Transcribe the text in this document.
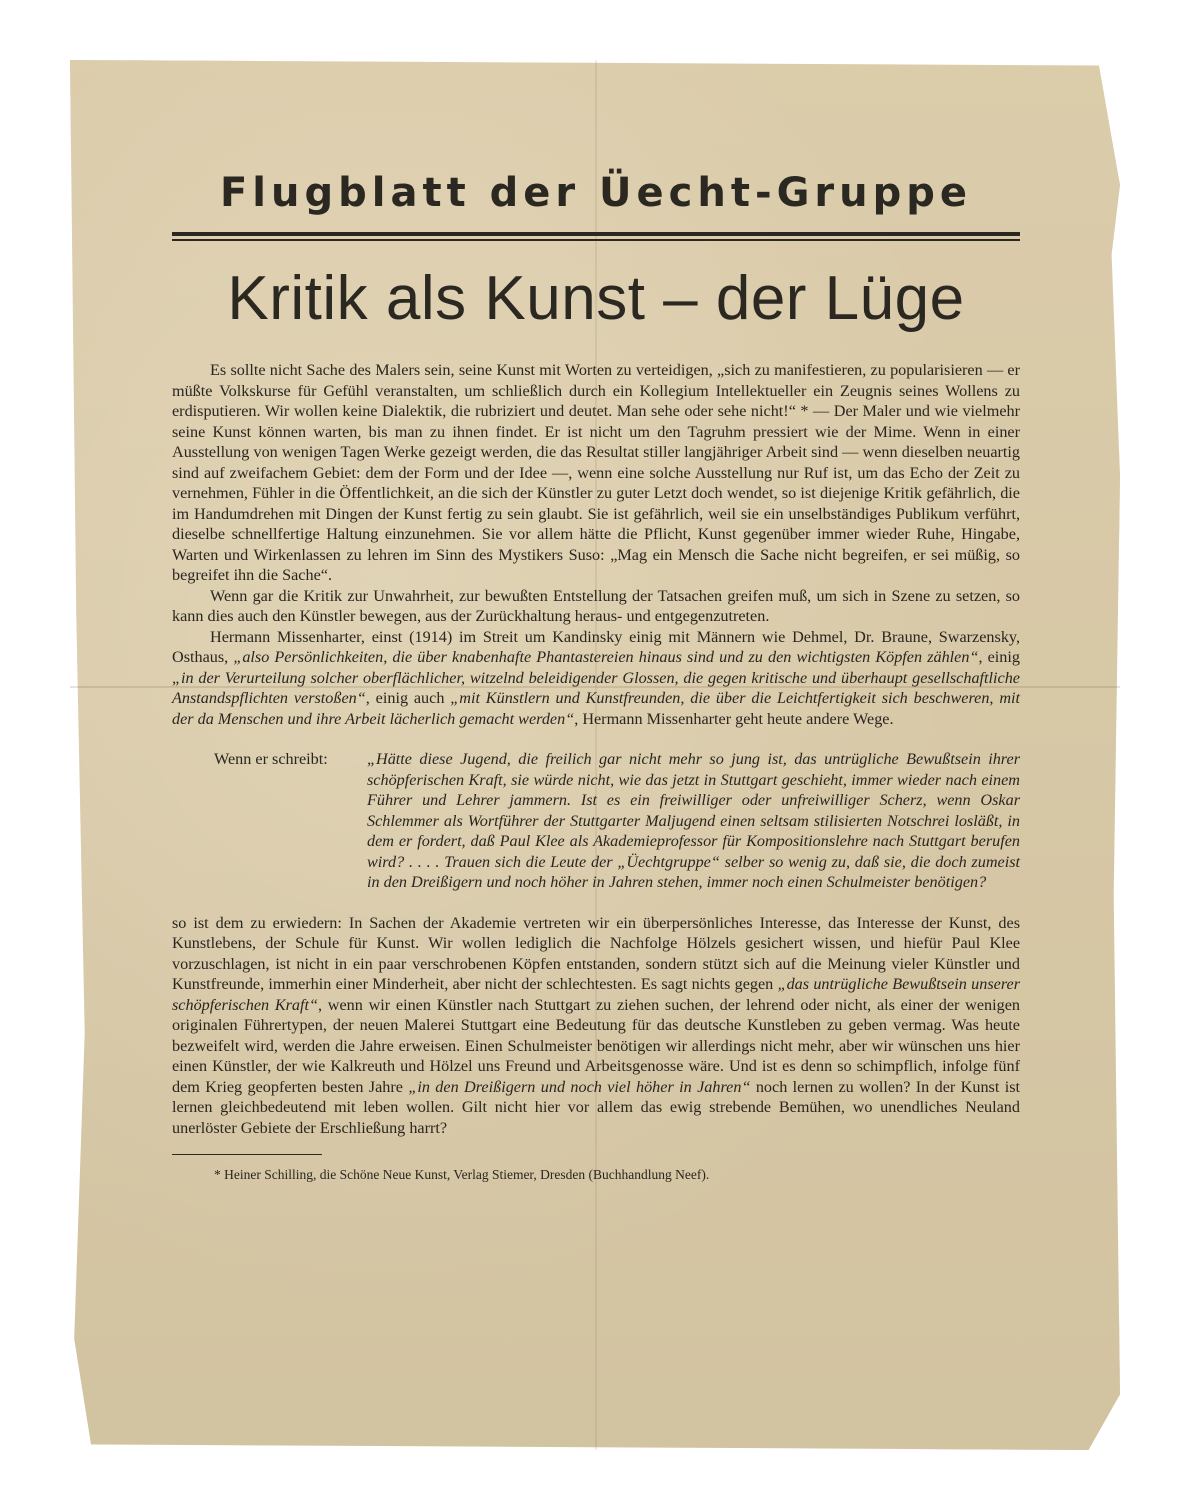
Flugblatt der Üecht-Gruppe
Kritik als Kunst – der Lüge

Es sollte nicht Sache des Malers sein, seine Kunst mit Worten zu verteidigen, „sich zu manifestieren, zu popularisieren — er müßte Volkskurse für Gefühl veranstalten, um schließlich durch ein Kollegium Intellektueller ein Zeugnis seines Wollens zu erdisputieren. Wir wollen keine Dialektik, die rubriziert und deutet. Man sehe oder sehe nicht!“ * — Der Maler und wie vielmehr seine Kunst können warten, bis man zu ihnen findet. Er ist nicht um den Tagruhm pressiert wie der Mime. Wenn in einer Ausstellung von wenigen Tagen Werke gezeigt werden, die das Resultat stiller langjähriger Arbeit sind — wenn dieselben neuartig sind auf zweifachem Gebiet: dem der Form und der Idee —, wenn eine solche Ausstellung nur Ruf ist, um das Echo der Zeit zu vernehmen, Fühler in die Öffentlichkeit, an die sich der Künstler zu guter Letzt doch wendet, so ist diejenige Kritik gefährlich, die im Handumdrehen mit Dingen der Kunst fertig zu sein glaubt. Sie ist gefährlich, weil sie ein unselbständiges Publikum verführt, dieselbe schnellfertige Haltung einzunehmen. Sie vor allem hätte die Pflicht, Kunst gegenüber immer wieder Ruhe, Hingabe, Warten und Wirkenlassen zu lehren im Sinn des Mystikers Suso: „Mag ein Mensch die Sache nicht begreifen, er sei müßig, so begreifet ihn die Sache“.

Wenn gar die Kritik zur Unwahrheit, zur bewußten Entstellung der Tatsachen greifen muß, um sich in Szene zu setzen, so kann dies auch den Künstler bewegen, aus der Zurückhaltung heraus- und entgegenzutreten.

Hermann Missenharter, einst (1914) im Streit um Kandinsky einig mit Männern wie Dehmel, Dr. Braune, Swarzensky, Osthaus, „also Persönlichkeiten, die über knabenhafte Phantastereien hinaus sind und zu den wichtigsten Köpfen zählen“, einig „in der Verurteilung solcher oberflächlicher, witzelnd beleidigender Glossen, die gegen kritische und überhaupt gesellschaftliche Anstandspflichten verstoßen“, einig auch „mit Künstlern und Kunstfreunden, die über die Leichtfertigkeit sich beschweren, mit der da Menschen und ihre Arbeit lächerlich gemacht werden“, Hermann Missenharter geht heute andere Wege.

Wenn er schreibt:	„Hätte diese Jugend, die freilich gar nicht mehr so jung ist, das untrügliche Bewußtsein ihrer schöpferischen Kraft, sie würde nicht, wie das jetzt in Stuttgart geschieht, immer wieder nach einem Führer und Lehrer jammern. Ist es ein freiwilliger oder unfreiwilliger Scherz, wenn Oskar Schlemmer als Wortführer der Stuttgarter Maljugend einen seltsam stilisierten Notschrei losläßt, in dem er fordert, daß Paul Klee als Akademieprofessor für Kompositionslehre nach Stuttgart berufen wird? . . . . Trauen sich die Leute der „Üechtgruppe“ selber so wenig zu, daß sie, die doch zumeist in den Dreißigern und noch höher in Jahren stehen, immer noch einen Schulmeister benötigen?

so ist dem zu erwiedern: In Sachen der Akademie vertreten wir ein überpersönliches Interesse, das Interesse der Kunst, des Kunstlebens, der Schule für Kunst. Wir wollen lediglich die Nachfolge Hölzels gesichert wissen, und hiefür Paul Klee vorzuschlagen, ist nicht in ein paar verschrobenen Köpfen entstanden, sondern stützt sich auf die Meinung vieler Künstler und Kunstfreunde, immerhin einer Minderheit, aber nicht der schlechtesten. Es sagt nichts gegen „das untrügliche Bewußtsein unserer schöpferischen Kraft“, wenn wir einen Künstler nach Stuttgart zu ziehen suchen, der lehrend oder nicht, als einer der wenigen originalen Führertypen, der neuen Malerei Stuttgart eine Bedeutung für das deutsche Kunstleben zu geben vermag. Was heute bezweifelt wird, werden die Jahre erweisen. Einen Schulmeister benötigen wir allerdings nicht mehr, aber wir wünschen uns hier einen Künstler, der wie Kalkreuth und Hölzel uns Freund und Arbeitsgenosse wäre. Und ist es denn so schimpflich, infolge fünf dem Krieg geopferten besten Jahre „in den Dreißigern und noch viel höher in Jahren“ noch lernen zu wollen? In der Kunst ist lernen gleichbedeutend mit leben wollen. Gilt nicht hier vor allem das ewig strebende Bemühen, wo unendliches Neuland unerlöster Gebiete der Erschließung harrt?

* Heiner Schilling, die Schöne Neue Kunst, Verlag Stiemer, Dresden (Buchhandlung Neef).
